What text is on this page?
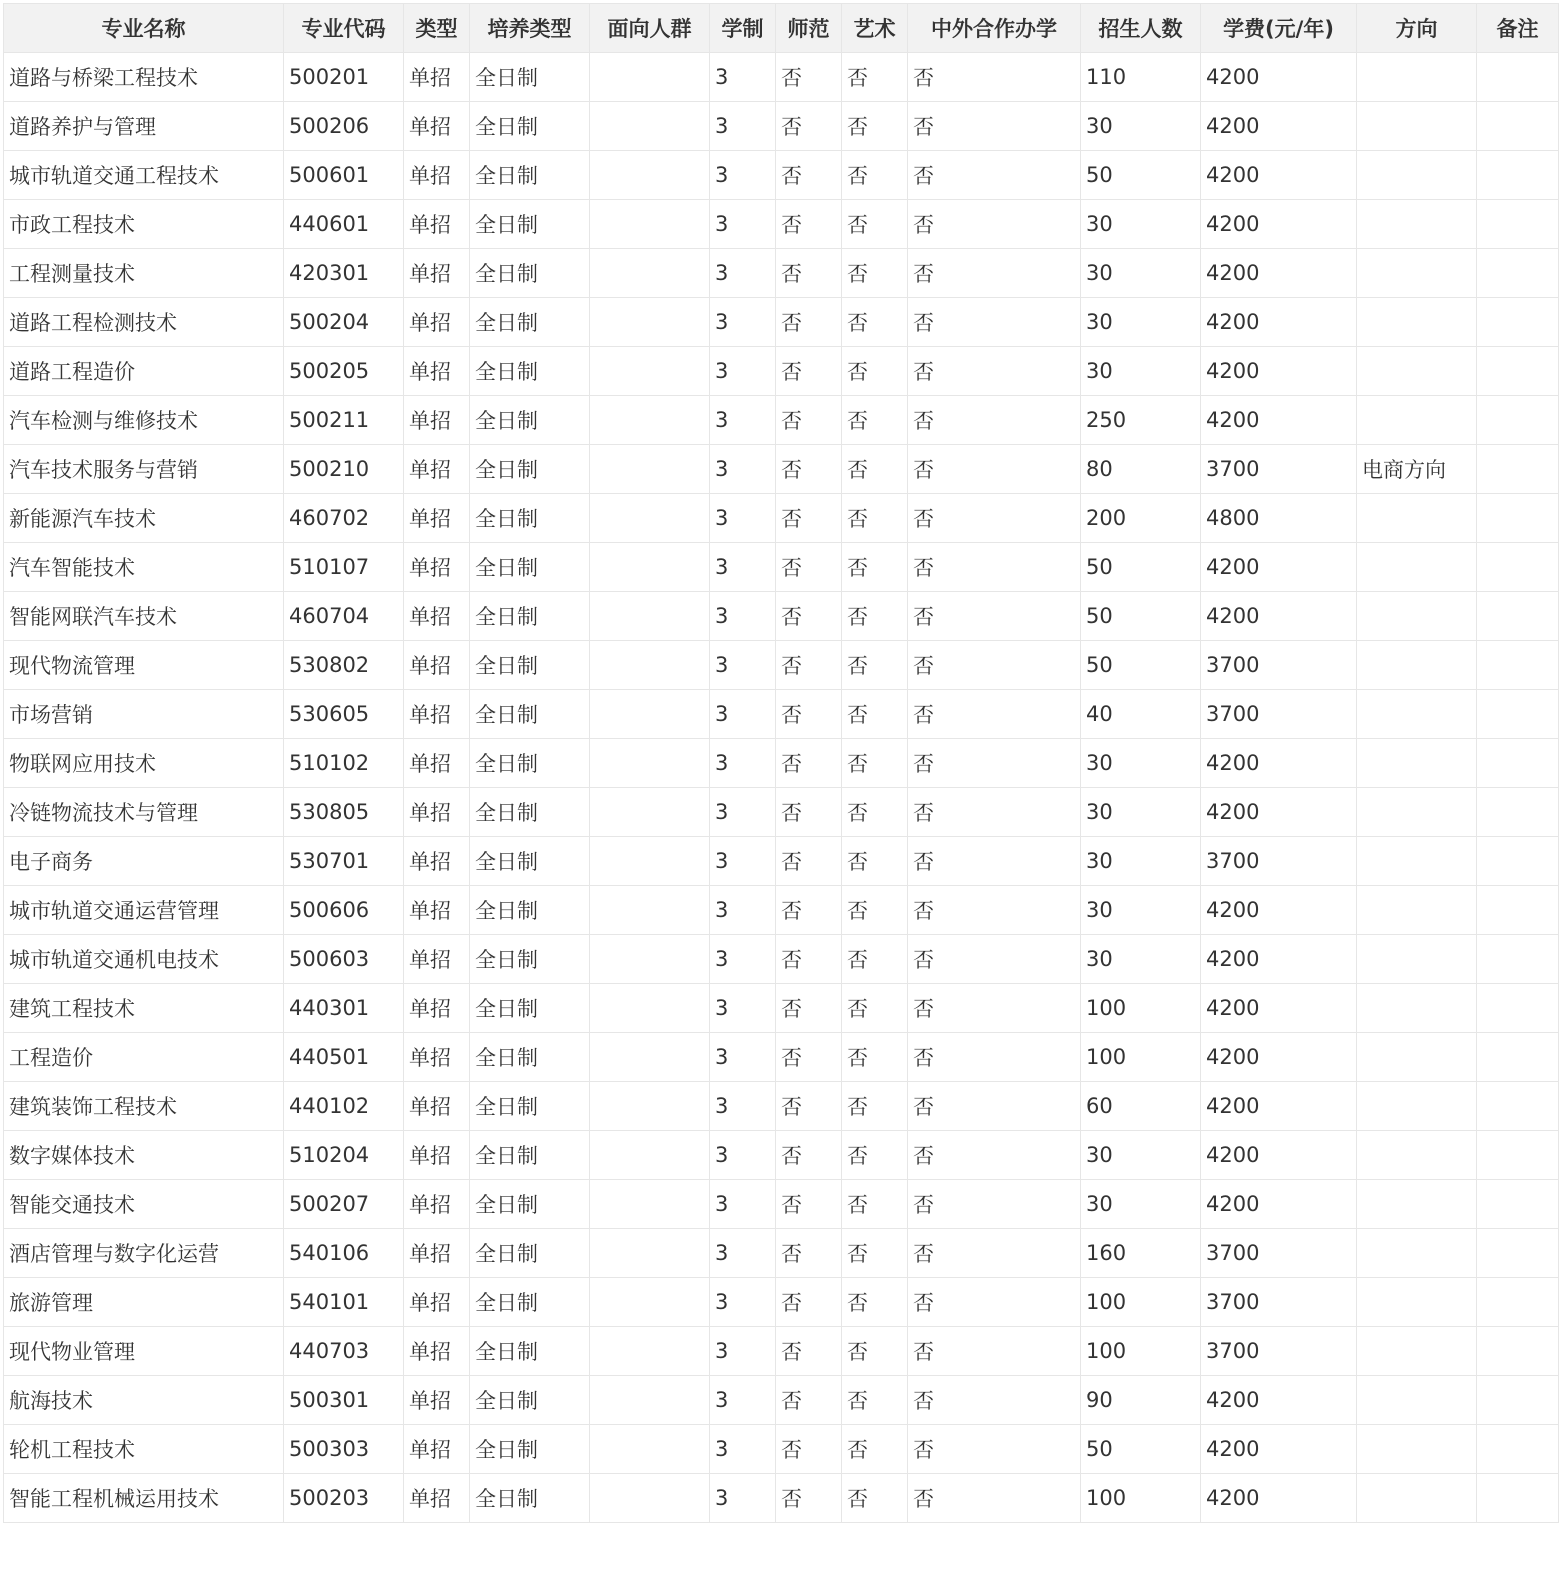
专业名称	专业代码	类型	培养类型	面向人群	学制	师范	艺术	中外合作办学	招生人数	学费(元/年)	方向	备注
道路与桥梁工程技术	500201	单招	全日制		3	否	否	否	110	4200		
道路养护与管理	500206	单招	全日制		3	否	否	否	30	4200		
城市轨道交通工程技术	500601	单招	全日制		3	否	否	否	50	4200		
市政工程技术	440601	单招	全日制		3	否	否	否	30	4200		
工程测量技术	420301	单招	全日制		3	否	否	否	30	4200		
道路工程检测技术	500204	单招	全日制		3	否	否	否	30	4200		
道路工程造价	500205	单招	全日制		3	否	否	否	30	4200		
汽车检测与维修技术	500211	单招	全日制		3	否	否	否	250	4200		
汽车技术服务与营销	500210	单招	全日制		3	否	否	否	80	3700	电商方向	
新能源汽车技术	460702	单招	全日制		3	否	否	否	200	4800		
汽车智能技术	510107	单招	全日制		3	否	否	否	50	4200		
智能网联汽车技术	460704	单招	全日制		3	否	否	否	50	4200		
现代物流管理	530802	单招	全日制		3	否	否	否	50	3700		
市场营销	530605	单招	全日制		3	否	否	否	40	3700		
物联网应用技术	510102	单招	全日制		3	否	否	否	30	4200		
冷链物流技术与管理	530805	单招	全日制		3	否	否	否	30	4200		
电子商务	530701	单招	全日制		3	否	否	否	30	3700		
城市轨道交通运营管理	500606	单招	全日制		3	否	否	否	30	4200		
城市轨道交通机电技术	500603	单招	全日制		3	否	否	否	30	4200		
建筑工程技术	440301	单招	全日制		3	否	否	否	100	4200		
工程造价	440501	单招	全日制		3	否	否	否	100	4200		
建筑装饰工程技术	440102	单招	全日制		3	否	否	否	60	4200		
数字媒体技术	510204	单招	全日制		3	否	否	否	30	4200		
智能交通技术	500207	单招	全日制		3	否	否	否	30	4200		
酒店管理与数字化运营	540106	单招	全日制		3	否	否	否	160	3700		
旅游管理	540101	单招	全日制		3	否	否	否	100	3700		
现代物业管理	440703	单招	全日制		3	否	否	否	100	3700		
航海技术	500301	单招	全日制		3	否	否	否	90	4200		
轮机工程技术	500303	单招	全日制		3	否	否	否	50	4200		
智能工程机械运用技术	500203	单招	全日制		3	否	否	否	100	4200		
